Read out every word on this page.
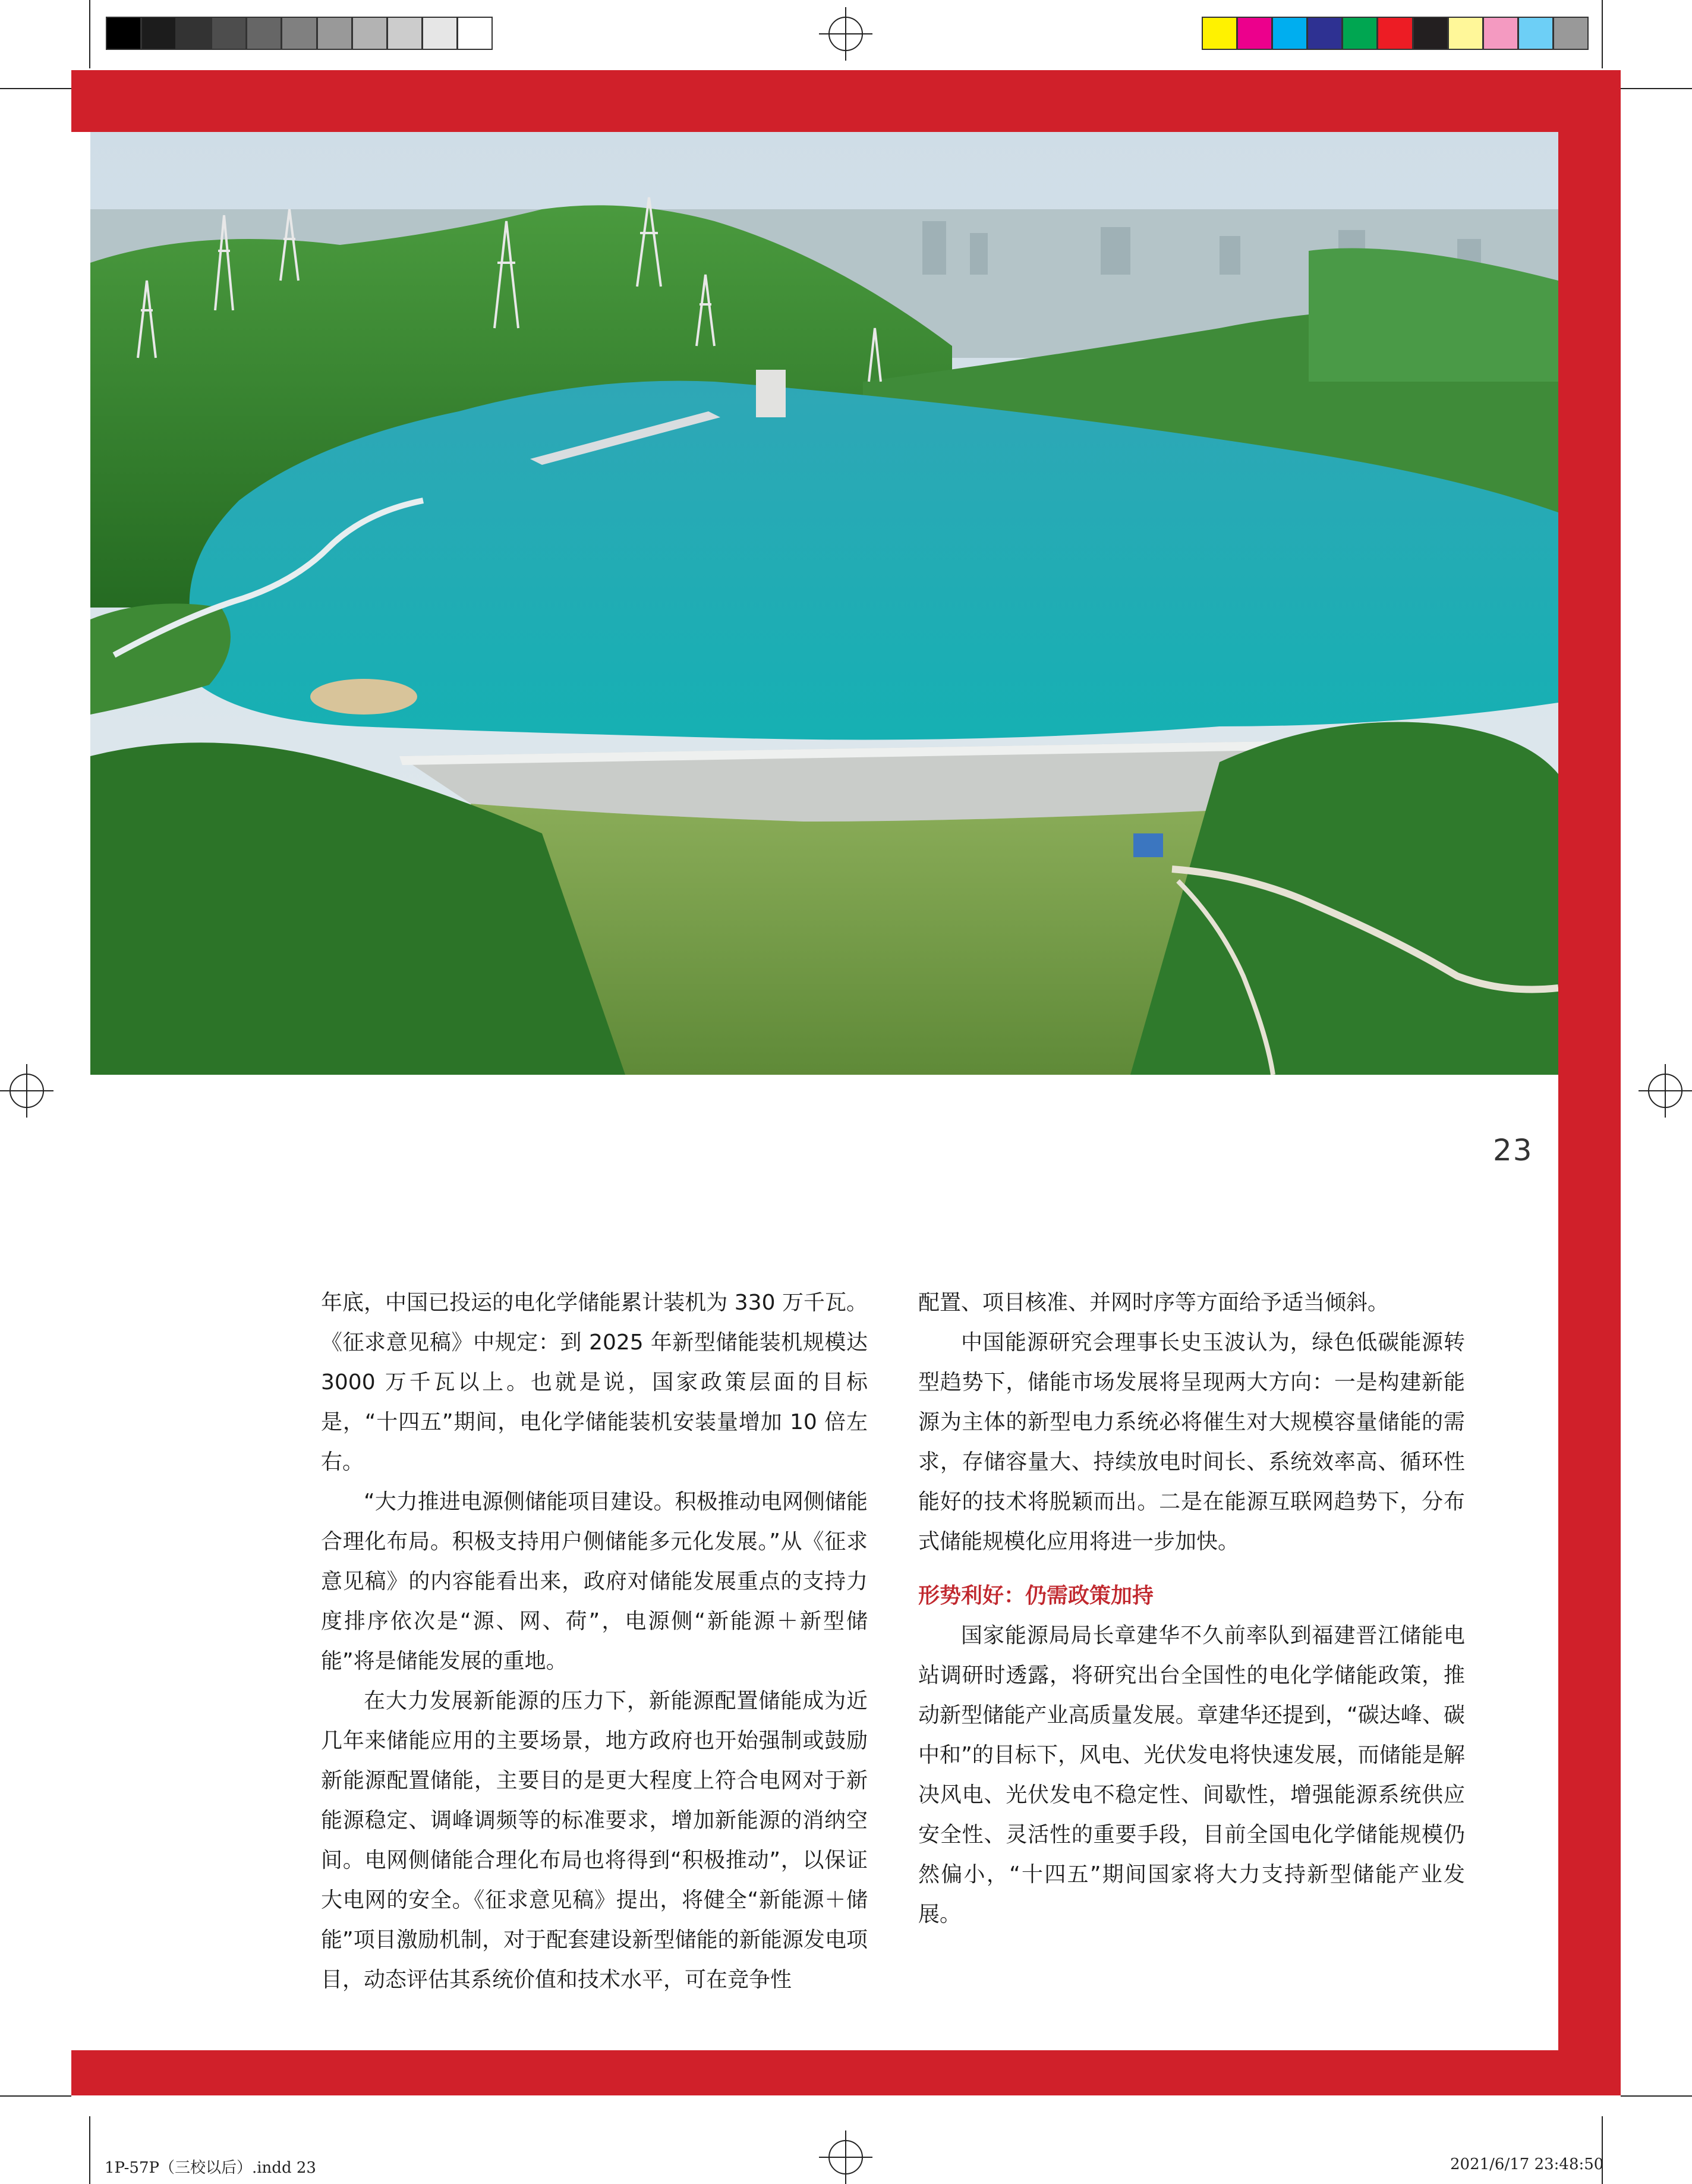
23

年底，中国已投运的电化学储能累计装机为 330 万千瓦。《征求意见稿》中规定：到 2025 年新型储能装机规模达 3000 万千瓦以上。也就是说，国家政策层面的目标是，“十四五”期间，电化学储能装机安装量增加 10 倍左右。

“大力推进电源侧储能项目建设。积极推动电网侧储能合理化布局。积极支持用户侧储能多元化发展。”从《征求意见稿》的内容能看出来，政府对储能发展重点的支持力度排序依次是“源、网、荷”，电源侧“新能源＋新型储能”将是储能发展的重地。

在大力发展新能源的压力下，新能源配置储能成为近几年来储能应用的主要场景，地方政府也开始强制或鼓励新能源配置储能，主要目的是更大程度上符合电网对于新能源稳定、调峰调频等的标准要求，增加新能源的消纳空间。电网侧储能合理化布局也将得到“积极推动”，以保证大电网的安全。《征求意见稿》提出，将健全“新能源＋储能”项目激励机制，对于配套建设新型储能的新能源发电项目，动态评估其系统价值和技术水平，可在竞争性

配置、项目核准、并网时序等方面给予适当倾斜。

中国能源研究会理事长史玉波认为，绿色低碳能源转型趋势下，储能市场发展将呈现两大方向：一是构建新能源为主体的新型电力系统必将催生对大规模容量储能的需求，存储容量大、持续放电时间长、系统效率高、循环性能好的技术将脱颖而出。二是在能源互联网趋势下，分布式储能规模化应用将进一步加快。

形势利好：仍需政策加持

国家能源局局长章建华不久前率队到福建晋江储能电站调研时透露，将研究出台全国性的电化学储能政策，推动新型储能产业高质量发展。章建华还提到，“碳达峰、碳中和”的目标下，风电、光伏发电将快速发展，而储能是解决风电、光伏发电不稳定性、间歇性，增强能源系统供应安全性、灵活性的重要手段，目前全国电化学储能规模仍然偏小，“十四五”期间国家将大力支持新型储能产业发展。

1P-57P（三校以后）.indd 23	2021/6/17 23:48:50
